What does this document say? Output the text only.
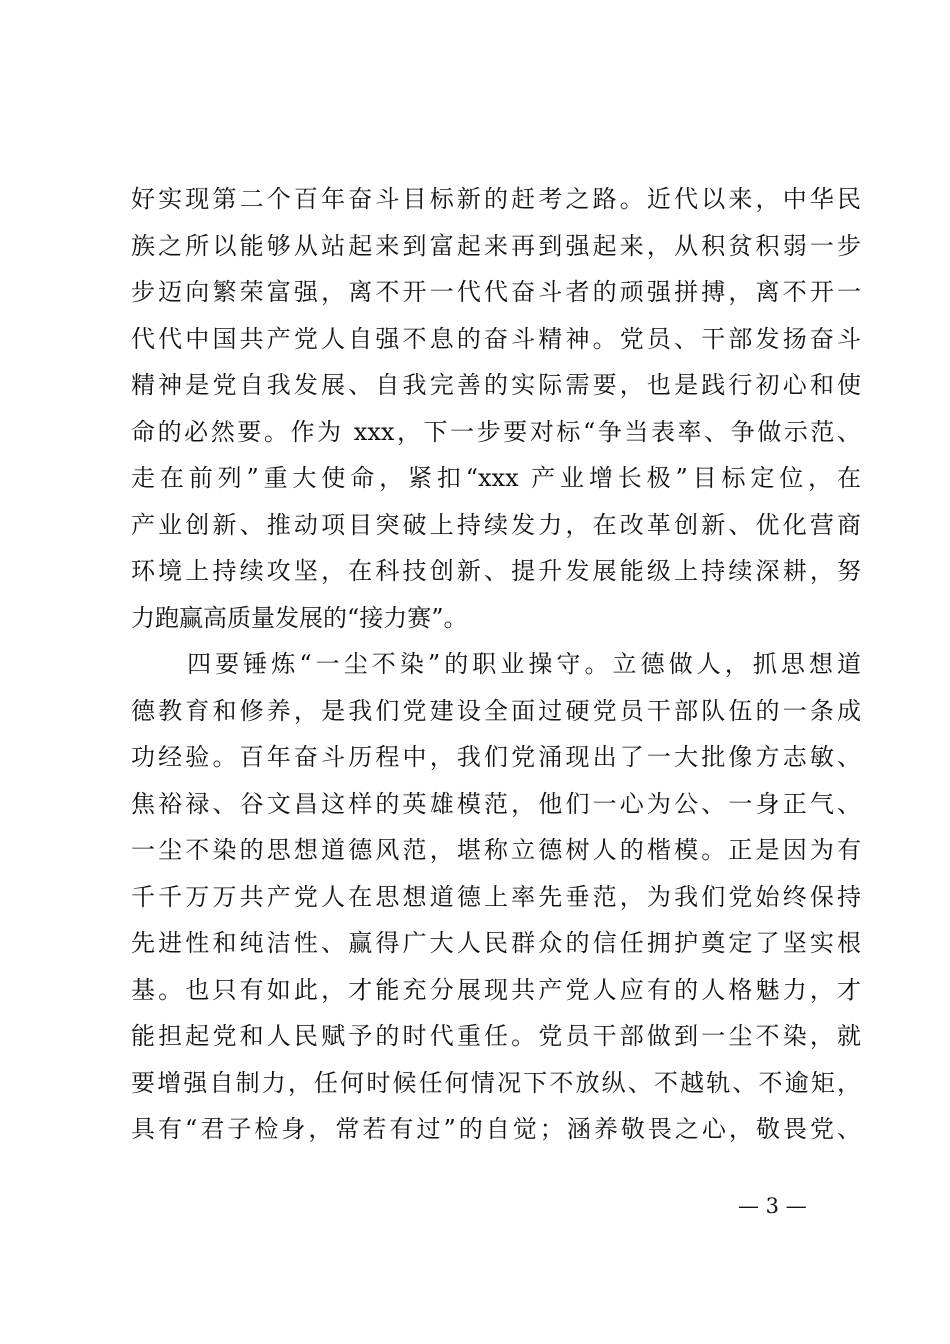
好实现第二个百年奋斗目标新的赶考之路。近代以来，中华民
族之所以能够从站起来到富起来再到强起来，从积贫积弱一步
步迈向繁荣富强，离不开一代代奋斗者的顽强拼搏，离不开一
代代中国共产党人自强不息的奋斗精神。党员、干部发扬奋斗
精神是党自我发展、自我完善的实际需要，也是践行初心和使
命的必然要。作为 xxx，下一步要对标“争当表率、争做示范、
走在前列”重大使命，紧扣“xxx 产业增长极”目标定位，在
产业创新、推动项目突破上持续发力，在改革创新、优化营商
环境上持续攻坚，在科技创新、提升发展能级上持续深耕，努
力跑赢高质量发展的“接力赛”。
　　四要锤炼“一尘不染”的职业操守。立德做人，抓思想道
德教育和修养，是我们党建设全面过硬党员干部队伍的一条成
功经验。百年奋斗历程中，我们党涌现出了一大批像方志敏、
焦裕禄、谷文昌这样的英雄模范，他们一心为公、一身正气、
一尘不染的思想道德风范，堪称立德树人的楷模。正是因为有
千千万万共产党人在思想道德上率先垂范，为我们党始终保持
先进性和纯洁性、赢得广大人民群众的信任拥护奠定了坚实根
基。也只有如此，才能充分展现共产党人应有的人格魅力，才
能担起党和人民赋予的时代重任。党员干部做到一尘不染，就
要增强自制力，任何时候任何情况下不放纵、不越轨、不逾矩，
具有“君子检身，常若有过”的自觉；涵养敬畏之心，敬畏党、
— 3 —
